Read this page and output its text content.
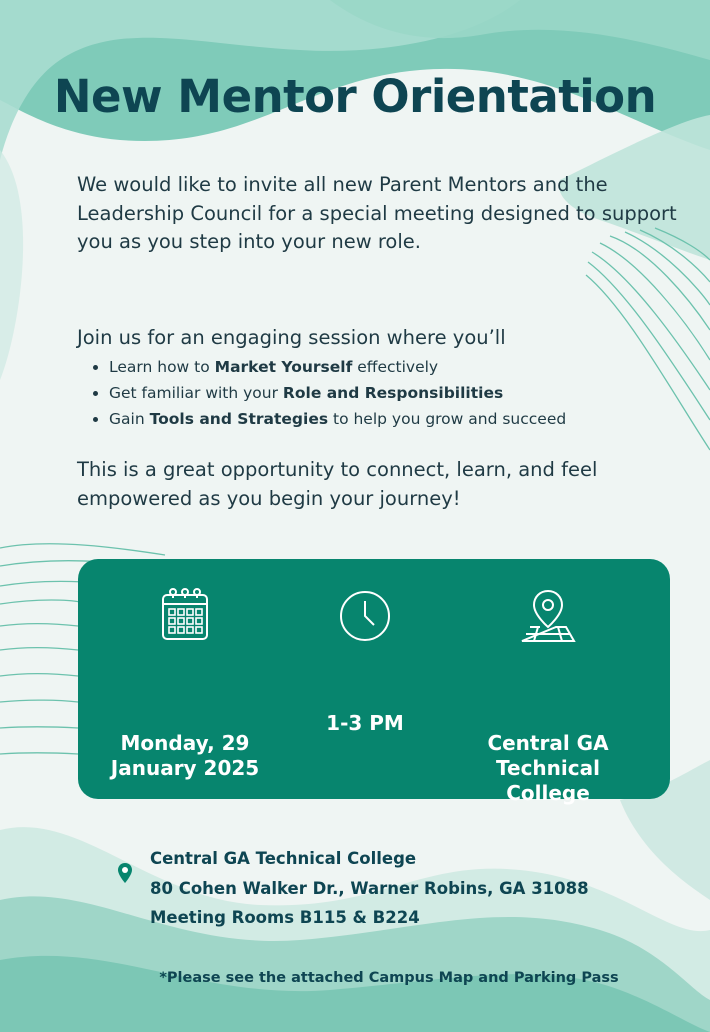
New Mentor Orientation

We would like to invite all new Parent Mentors and the Leadership Council for a special meeting designed to support you as you step into your new role.

Join us for an engaging session where you’ll

• Learn how to Market Yourself effectively
• Get familiar with your Role and Responsibilities
• Gain Tools and Strategies to help you grow and succeed

This is a great opportunity to connect, learn, and feel empowered as you begin your journey!

Monday, 29 January 2025
1-3 PM
Central GA Technical College
Central GA Technical College
80 Cohen Walker Dr., Warner Robins, GA 31088
Meeting Rooms B115 & B224
*Please see the attached Campus Map and Parking Pass
